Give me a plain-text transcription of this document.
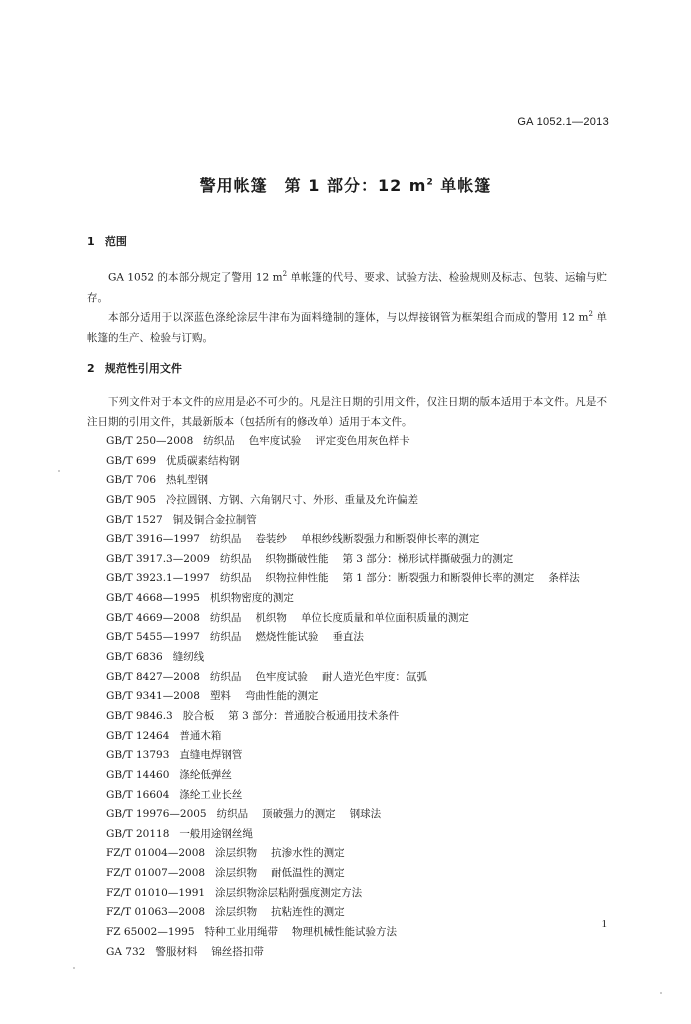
GA 1052.1—2013
警用帐篷　第 1 部分：12 $m^2$ 单帐篷
1 范围

GA 1052 的本部分规定了警用 12 $m^2$ 单帐篷的代号、要求、试验方法、检验规则及标志、包装、运输与贮存。

本部分适用于以深蓝色涤纶涂层牛津布为面料缝制的篷体，与以焊接钢管为框架组合而成的警用 12 $m^2$ 单帐篷的生产、检验与订购。

2 规范性引用文件

下列文件对于本文件的应用是必不可少的。凡是注日期的引用文件，仅注日期的版本适用于本文件。凡是不注日期的引用文件，其最新版本（包括所有的修改单）适用于本文件。

GB/T 250—2008 纺织品 色牢度试验 评定变色用灰色样卡
GB/T 699 优质碳素结构钢
GB/T 706 热轧型钢
GB/T 905 冷拉圆钢、方钢、六角钢尺寸、外形、重量及允许偏差
GB/T 1527 铜及铜合金拉制管
GB/T 3916—1997 纺织品 卷装纱 单根纱线断裂强力和断裂伸长率的测定
GB/T 3917.3—2009 纺织品 织物撕破性能 第 3 部分：梯形试样撕破强力的测定
GB/T 3923.1—1997 纺织品 织物拉伸性能 第 1 部分：断裂强力和断裂伸长率的测定 条样法
GB/T 4668—1995 机织物密度的测定
GB/T 4669—2008 纺织品 机织物 单位长度质量和单位面积质量的测定
GB/T 5455—1997 纺织品 燃烧性能试验 垂直法
GB/T 6836 缝纫线
GB/T 8427—2008 纺织品 色牢度试验 耐人造光色牢度：氙弧
GB/T 9341—2008 塑料 弯曲性能的测定
GB/T 9846.3 胶合板 第 3 部分：普通胶合板通用技术条件
GB/T 12464 普通木箱
GB/T 13793 直缝电焊钢管
GB/T 14460 涤纶低弹丝
GB/T 16604 涤纶工业长丝
GB/T 19976—2005 纺织品 顶破强力的测定 钢球法
GB/T 20118 一般用途钢丝绳
FZ/T 01004—2008 涂层织物 抗渗水性的测定
FZ/T 01007—2008 涂层织物 耐低温性的测定
FZ/T 01010—1991 涂层织物涂层粘附强度测定方法
FZ/T 01063—2008 涂层织物 抗粘连性的测定
FZ 65002—1995 特种工业用绳带 物理机械性能试验方法
GA 732 警服材料 锦丝搭扣带
1
